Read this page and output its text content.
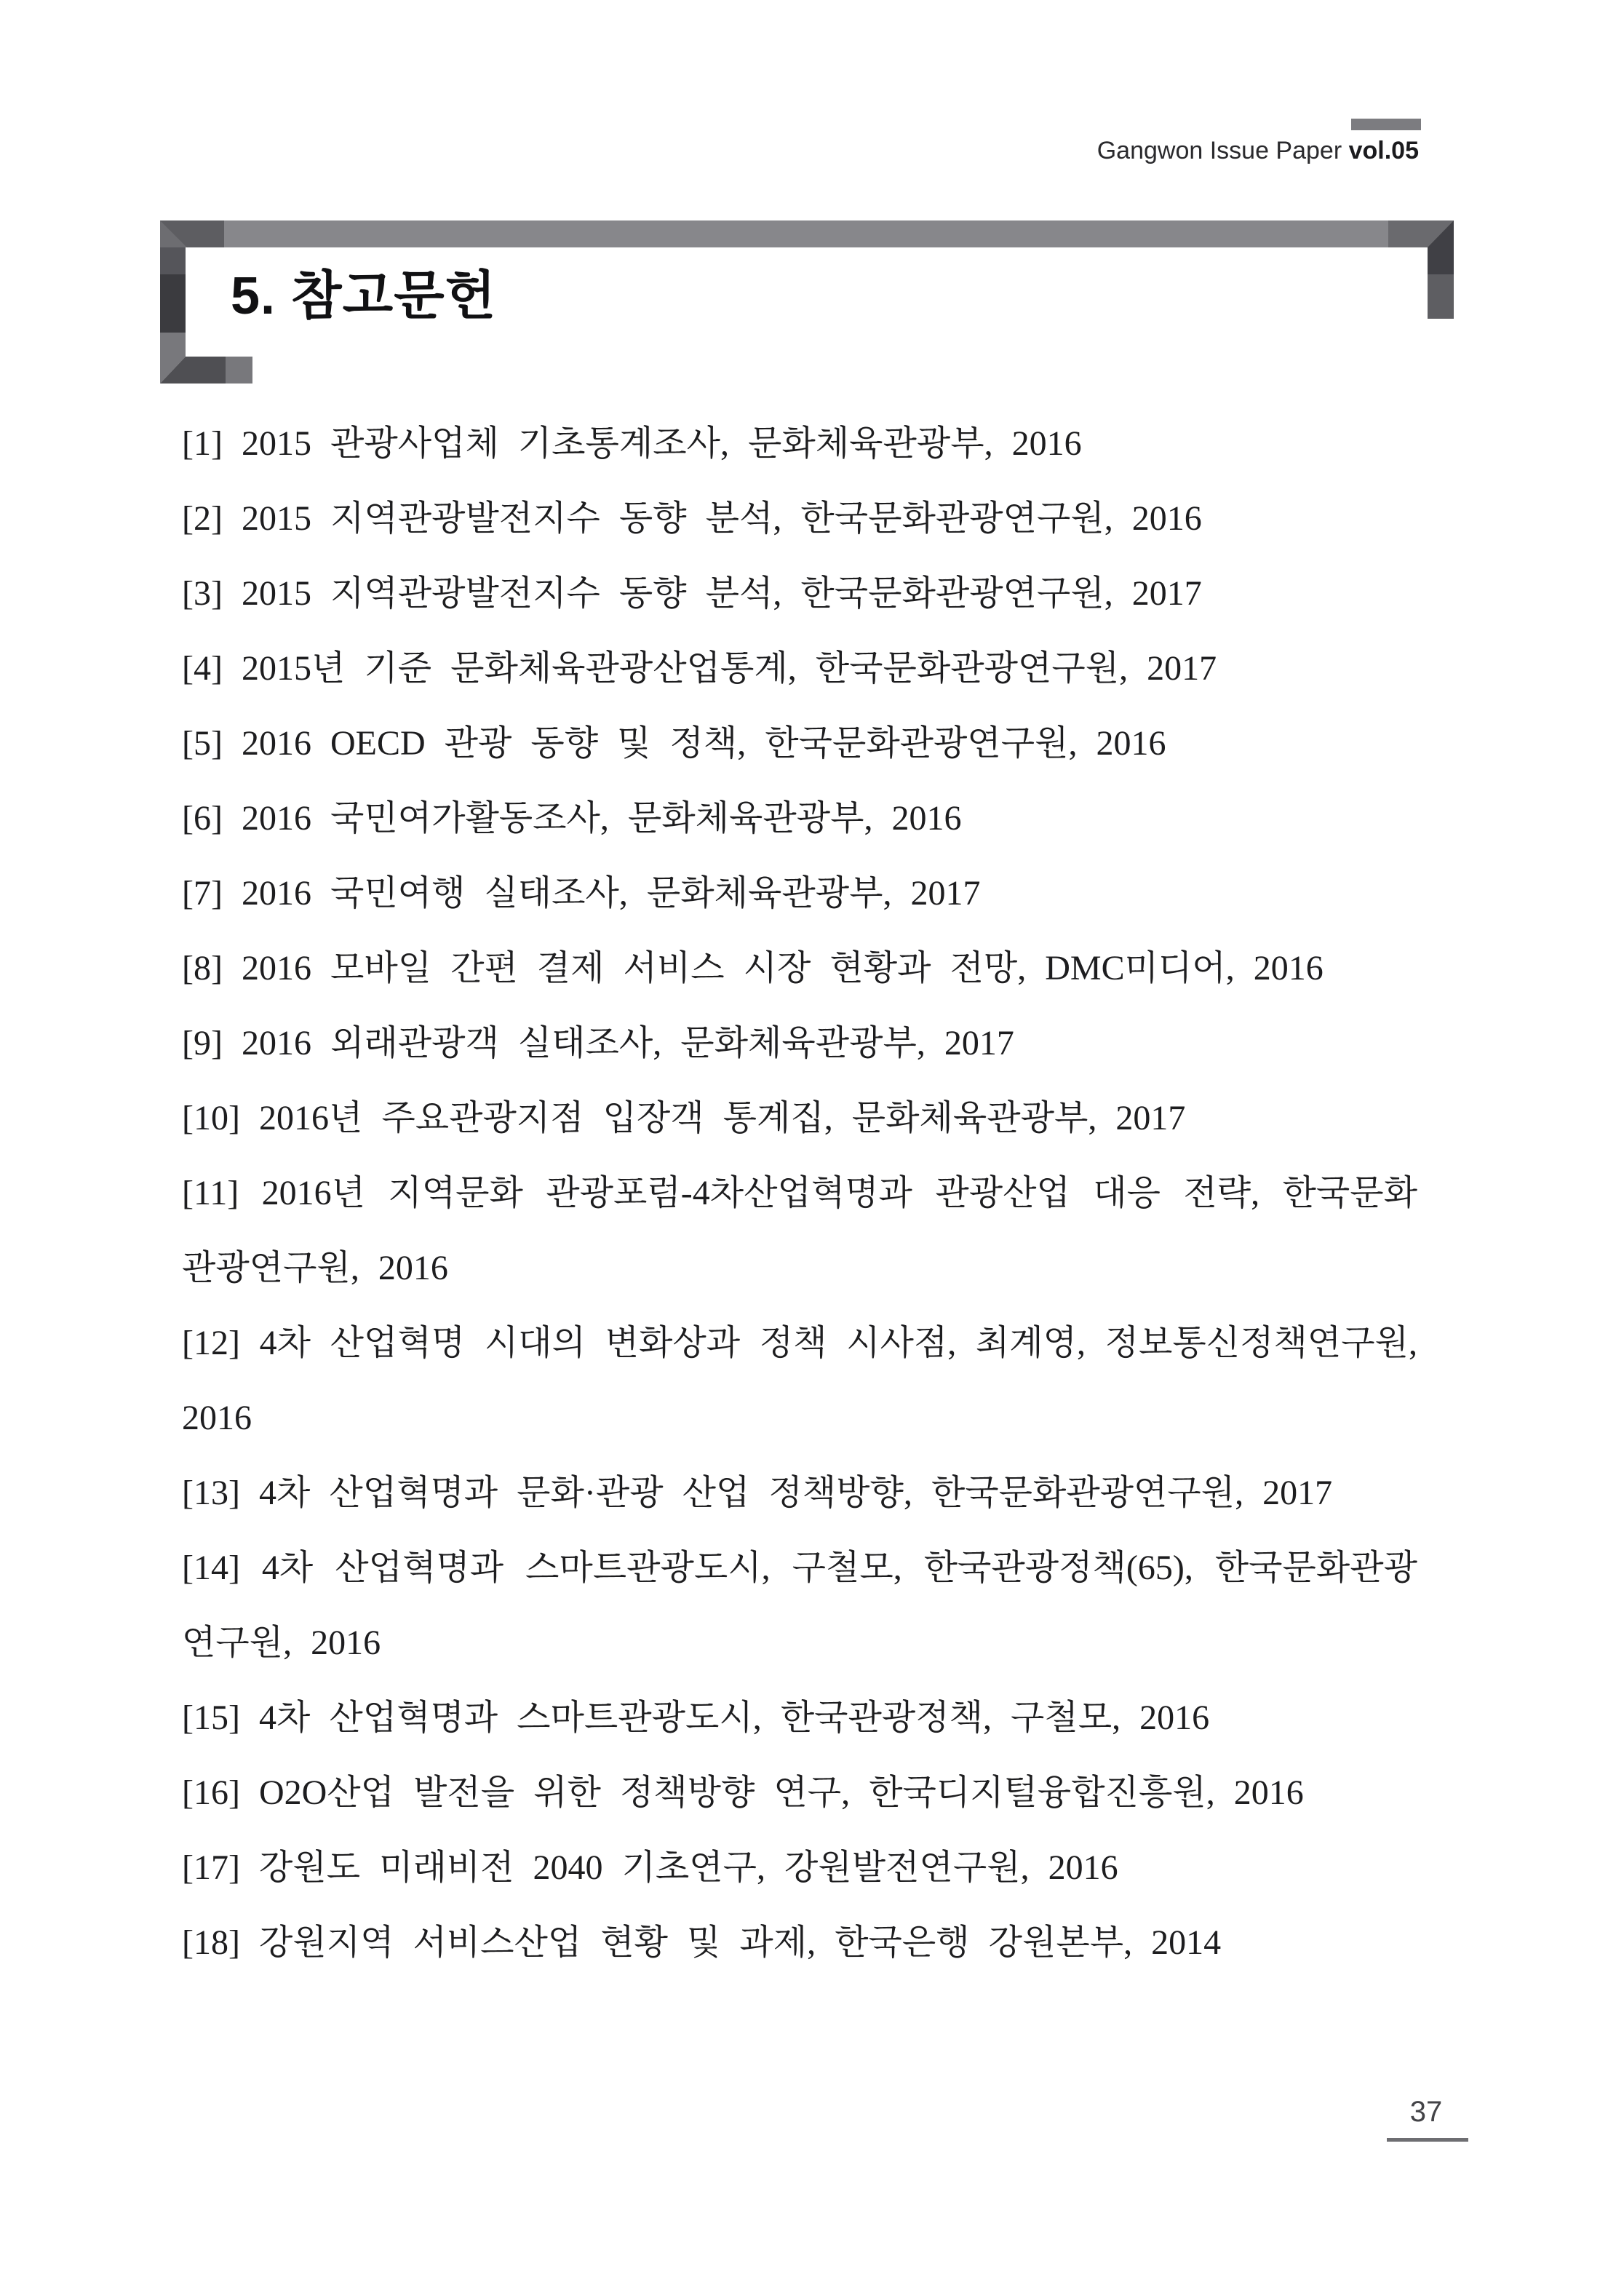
Gangwon Issue Paper vol.05
5. 참고문헌

[1] 2015 관광사업체 기초통계조사, 문화체육관광부, 2016

[2] 2015 지역관광발전지수 동향 분석, 한국문화관광연구원, 2016

[3] 2015 지역관광발전지수 동향 분석, 한국문화관광연구원, 2017

[4] 2015년 기준 문화체육관광산업통계, 한국문화관광연구원, 2017

[5] 2016 OECD 관광 동향 및 정책, 한국문화관광연구원, 2016

[6] 2016 국민여가활동조사, 문화체육관광부, 2016

[7] 2016 국민여행 실태조사, 문화체육관광부, 2017

[8] 2016 모바일 간편 결제 서비스 시장 현황과 전망, DMC미디어, 2016

[9] 2016 외래관광객 실태조사, 문화체육관광부, 2017

[10] 2016년 주요관광지점 입장객 통계집, 문화체육관광부, 2017

[11] 2016년 지역문화 관광포럼-4차산업혁명과 관광산업 대응 전략, 한국문화관광연구원, 2016

[12] 4차 산업혁명 시대의 변화상과 정책 시사점, 최계영, 정보통신정책연구원, 2016

[13] 4차 산업혁명과 문화·관광 산업 정책방향, 한국문화관광연구원, 2017

[14] 4차 산업혁명과 스마트관광도시, 구철모, 한국관광정책(65), 한국문화관광연구원, 2016

[15] 4차 산업혁명과 스마트관광도시, 한국관광정책, 구철모, 2016

[16] O2O산업 발전을 위한 정책방향 연구, 한국디지털융합진흥원, 2016

[17] 강원도 미래비전 2040 기초연구, 강원발전연구원, 2016

[18] 강원지역 서비스산업 현황 및 과제, 한국은행 강원본부, 2014

37
